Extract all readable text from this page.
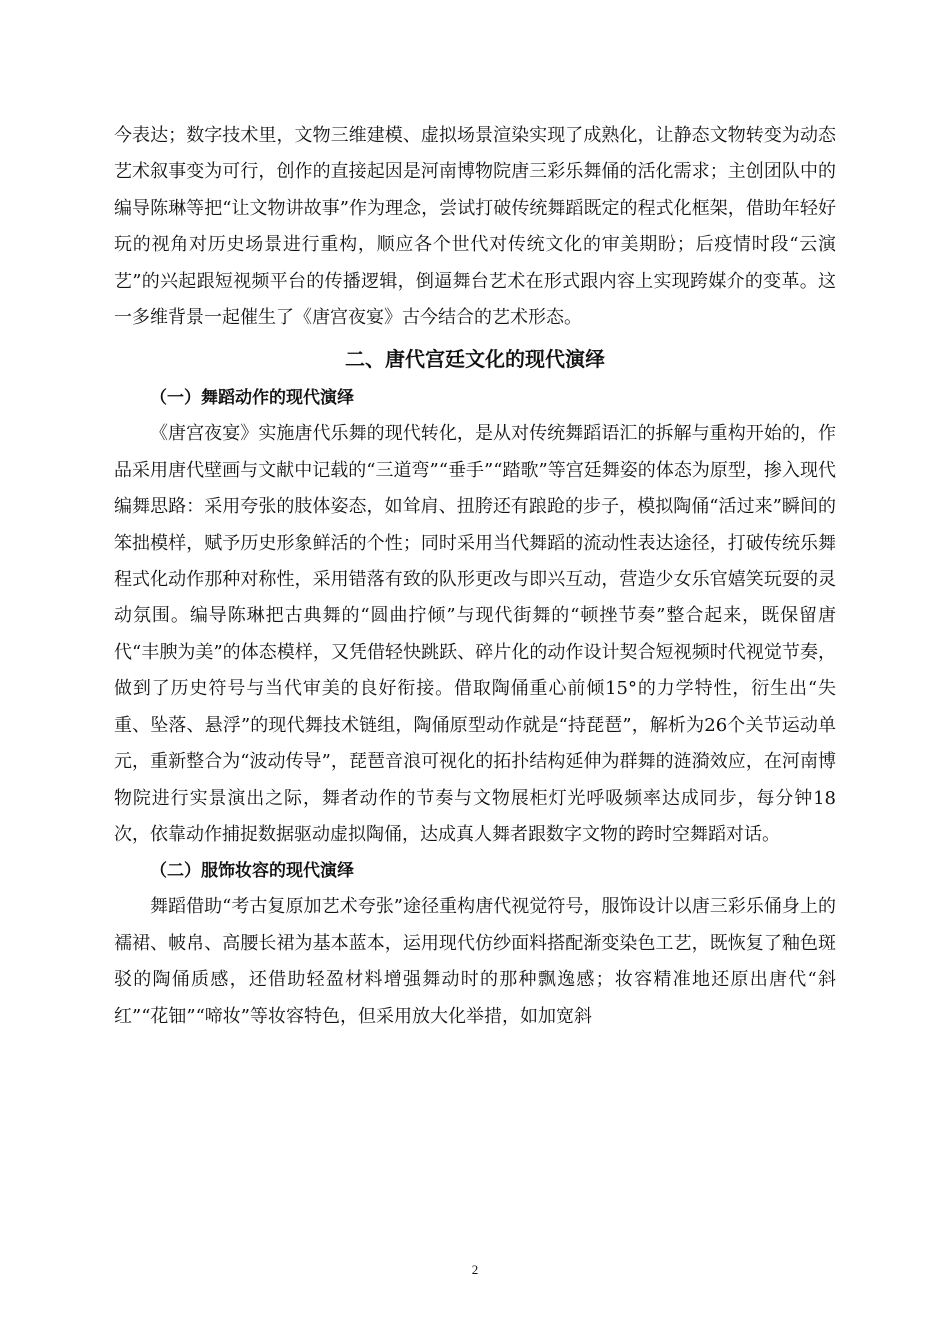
今表达；数字技术里，文物三维建模、虚拟场景渲染实现了成熟化，让静态文物转变为动态艺术叙事变为可行，创作的直接起因是河南博物院唐三彩乐舞俑的活化需求；主创团队中的编导陈琳等把“让文物讲故事”作为理念，尝试打破传统舞蹈既定的程式化框架，借助年轻好玩的视角对历史场景进行重构，顺应各个世代对传统文化的审美期盼；后疫情时段“云演艺”的兴起跟短视频平台的传播逻辑，倒逼舞台艺术在形式跟内容上实现跨媒介的变革。这一多维背景一起催生了《唐宫夜宴》古今结合的艺术形态。

二、唐代宫廷文化的现代演绎
（一）舞蹈动作的现代演绎

《唐宫夜宴》实施唐代乐舞的现代转化，是从对传统舞蹈语汇的拆解与重构开始的，作品采用唐代壁画与文献中记载的“三道弯”“垂手”“踏歌”等宫廷舞姿的体态为原型，掺入现代编舞思路：采用夸张的肢体姿态，如耸肩、扭胯还有踉跄的步子，模拟陶俑“活过来”瞬间的笨拙模样，赋予历史形象鲜活的个性；同时采用当代舞蹈的流动性表达途径，打破传统乐舞程式化动作那种对称性，采用错落有致的队形更改与即兴互动，营造少女乐官嬉笑玩耍的灵动氛围。编导陈琳把古典舞的“圆曲拧倾”与现代街舞的“顿挫节奏”整合起来，既保留唐代“丰腴为美”的体态模样，又凭借轻快跳跃、碎片化的动作设计契合短视频时代视觉节奏，做到了历史符号与当代审美的良好衔接。借取陶俑重心前倾15°的力学特性，衍生出“失重、坠落、悬浮”的现代舞技术链组，陶俑原型动作就是“持琵琶”，解析为26个关节运动单元，重新整合为“波动传导”，琵琶音浪可视化的拓扑结构延伸为群舞的涟漪效应，在河南博物院进行实景演出之际，舞者动作的节奏与文物展柜灯光呼吸频率达成同步，每分钟18次，依靠动作捕捉数据驱动虚拟陶俑，达成真人舞者跟数字文物的跨时空舞蹈对话。

（二）服饰妆容的现代演绎

舞蹈借助“考古复原加艺术夸张”途径重构唐代视觉符号，服饰设计以唐三彩乐俑身上的襦裙、帔帛、高腰长裙为基本蓝本，运用现代仿纱面料搭配渐变染色工艺，既恢复了釉色斑驳的陶俑质感，还借助轻盈材料增强舞动时的那种飘逸感；妆容精准地还原出唐代“斜红”“花钿”“啼妆”等妆容特色，但采用放大化举措，如加宽斜

2
